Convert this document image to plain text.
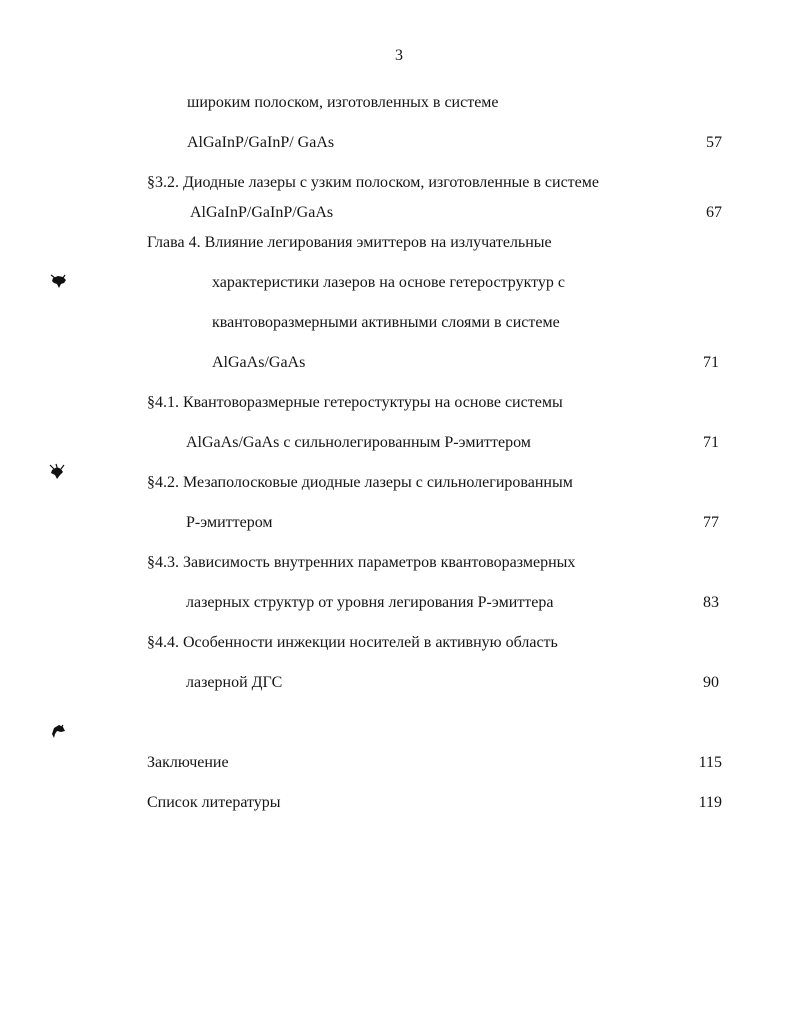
3
широким полоском, изготовленных в системе
AlGaInP/GaInP/ GaAs	57
§3.2. Диодные лазеры с узким полоском, изготовленные в системе
AlGaInP/GaInP/GaAs	67
Глава 4. Влияние легирования эмиттеров на излучательные
характеристики лазеров на основе гетероструктур с
квантоворазмерными активными слоями в системе
AlGaAs/GaAs	71
§4.1. Квантоворазмерные гетеростуктуры на основе системы
AlGaAs/GaAs с сильнолегированным Р-эмиттером	71
§4.2. Мезаполосковые диодные лазеры с сильнолегированным
Р-эмиттером	77
§4.3. Зависимость внутренних параметров квантоворазмерных
лазерных структур от уровня легирования Р-эмиттера	83
§4.4. Особенности инжекции носителей в активную область
лазерной ДГС	90
Заключение	115
Список литературы	119
